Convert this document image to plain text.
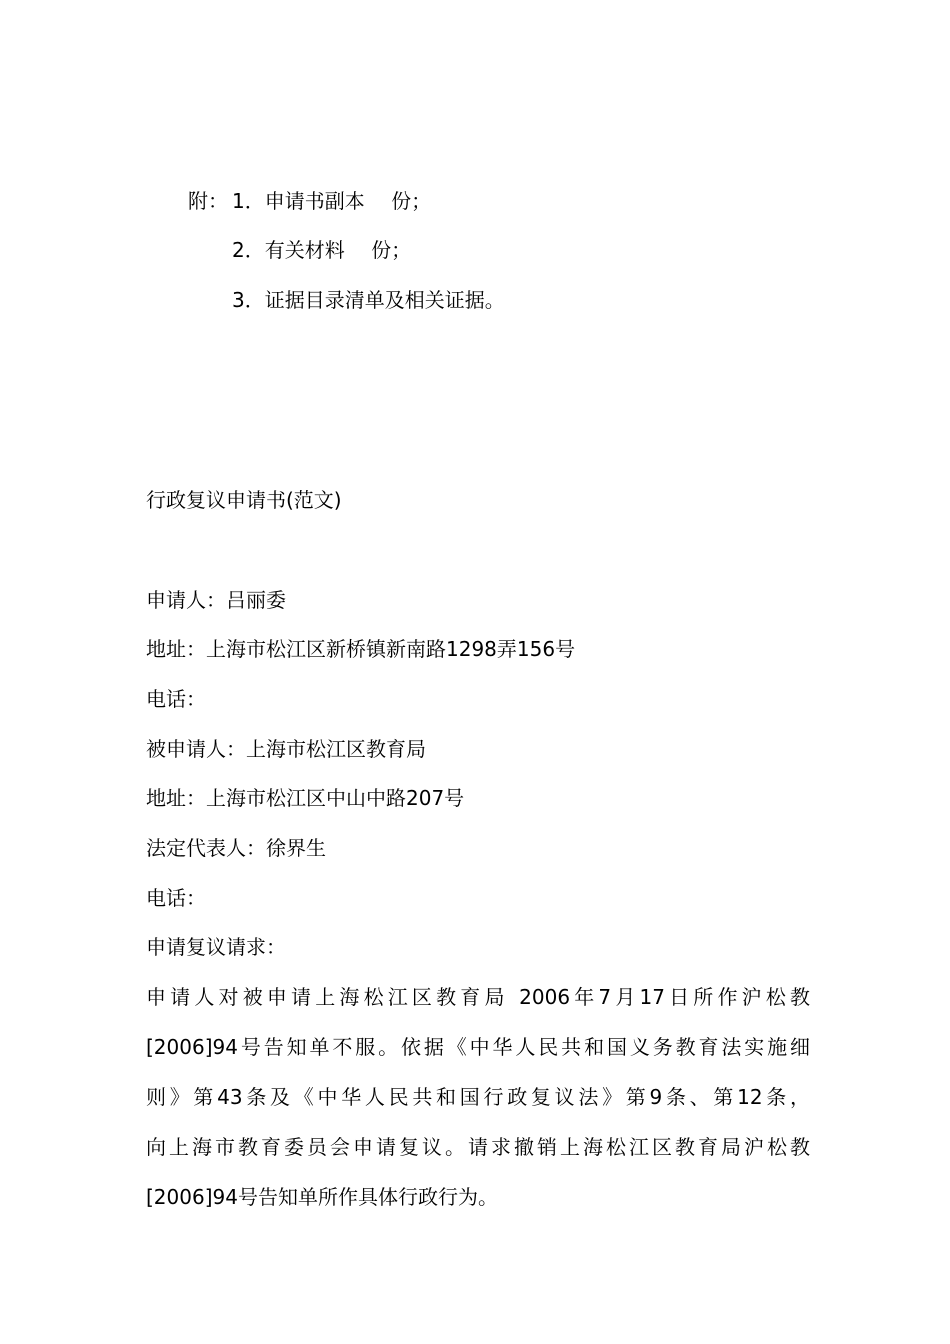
附： 1．申请书副本　 份；
2．有关材料　 份；
3．证据目录清单及相关证据。
行政复议申请书(范文)
申请人：吕丽委
地址：上海市松江区新桥镇新南路1298弄156号
电话：
被申请人：上海市松江区教育局
地址：上海市松江区中山中路207号
法定代表人：徐界生
电话：
申请复议请求：
申请人对被申请上海松江区教育局 2006年7月17日所作沪松教
[2006]94号告知单不服。依据《中华人民共和国义务教育法实施细
则》第43条及《中华人民共和国行政复议法》第9条、第12条，
向上海市教育委员会申请复议。请求撤销上海松江区教育局沪松教
[2006]94号告知单所作具体行政行为。
